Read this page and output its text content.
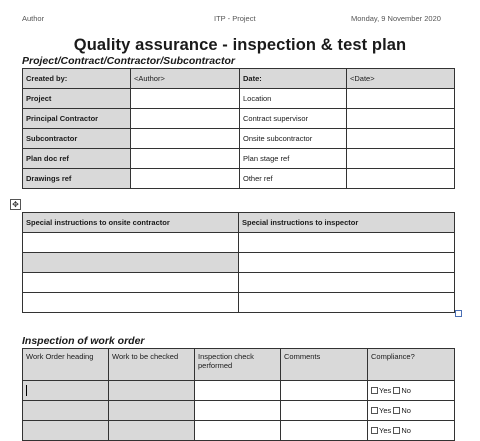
Author	ITP - Project	Monday, 9 November 2020
Quality assurance - inspection & test plan
Project/Contract/Contractor/Subcontractor
Created by:	<Author>	Date:	<Date>
Project		Location	
Principal Contractor		Contract supervisor	
Subcontractor		Onsite subcontractor	
Plan doc ref		Plan stage ref	
Drawings ref		Other ref	
✥
Special instructions to onsite contractor	Special instructions to inspector

Inspection of work order
Work Order heading	Work to be checked	Inspection check performed	Comments	Compliance?
				Yes No
				Yes No
				Yes No
